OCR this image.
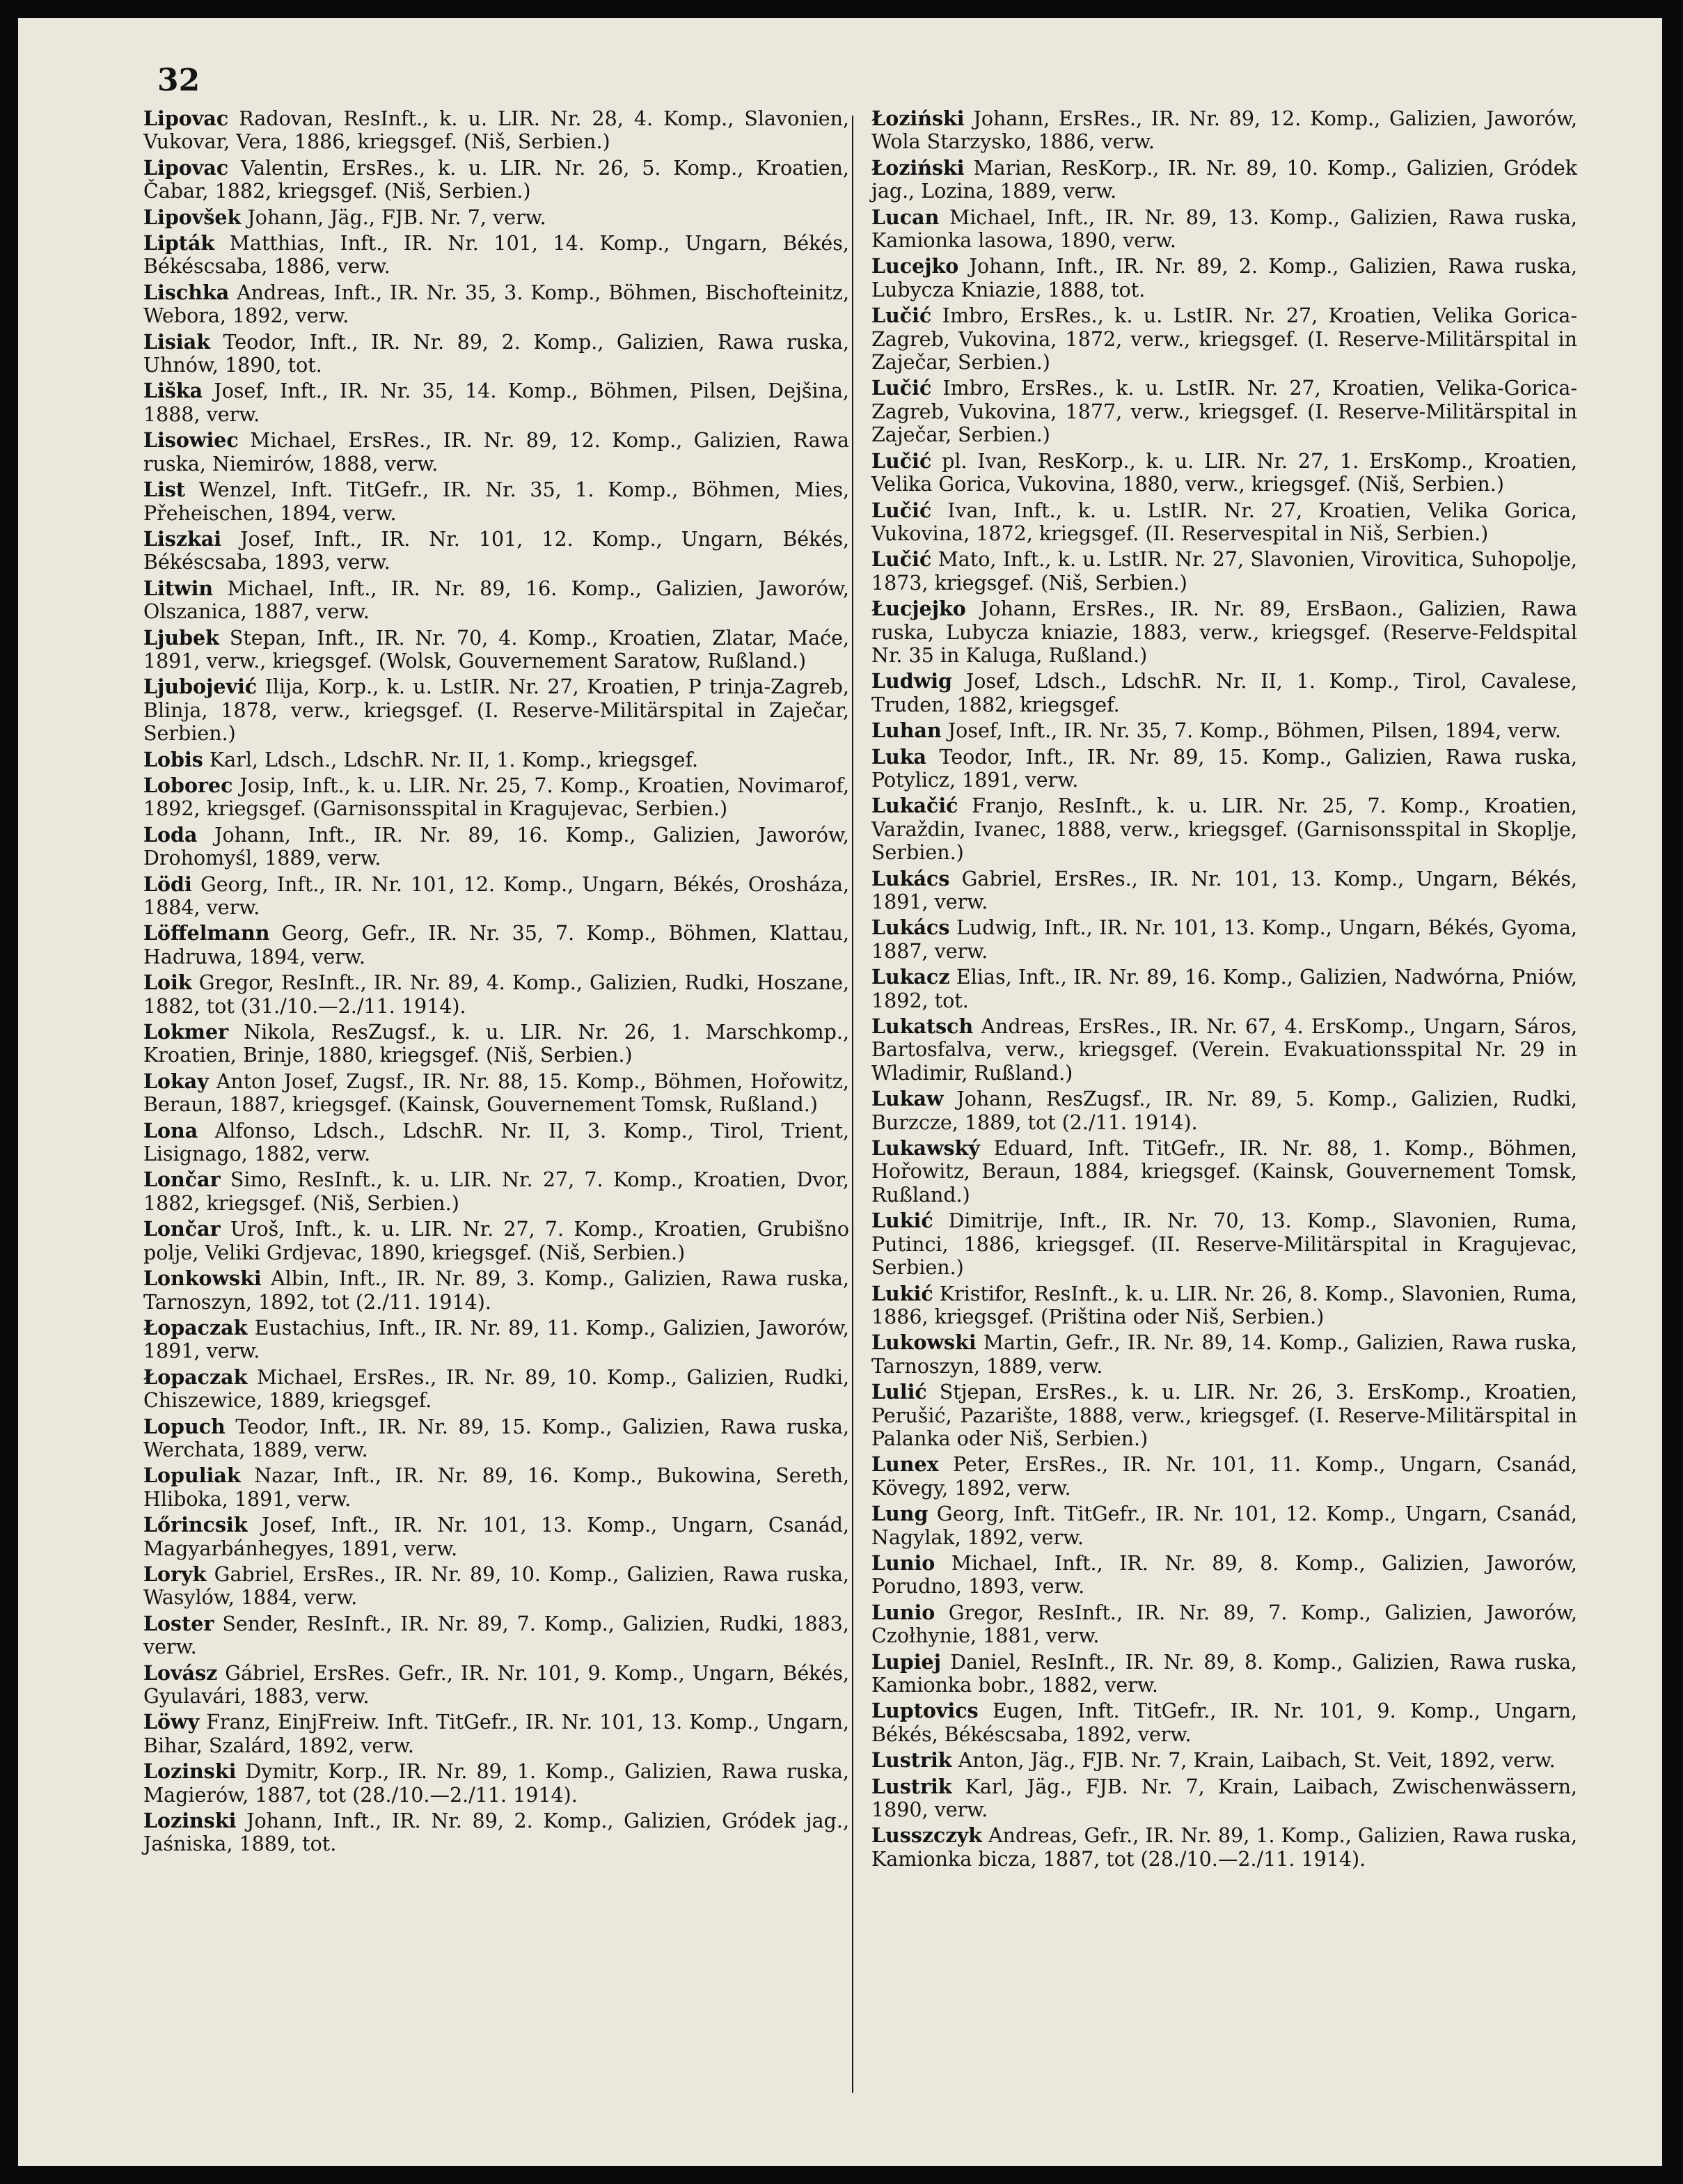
32

Lipovac Radovan, ResInft., k. u. LIR. Nr. 28, 4. Komp., Slavonien, Vukovar, Vera, 1886, kriegsgef. (Niš, Serbien.)

Lipovac Valentin, ErsRes., k. u. LIR. Nr. 26, 5. Komp., Kroatien, Čabar, 1882, kriegsgef. (Niš, Serbien.)

Lipovšek Johann, Jäg., FJB. Nr. 7, verw.

Lipták Matthias, Inft., IR. Nr. 101, 14. Komp., Ungarn, Békés, Békéscsaba, 1886, verw.

Lischka Andreas, Inft., IR. Nr. 35, 3. Komp., Böhmen, Bischofteinitz, Webora, 1892, verw.

Lisiak Teodor, Inft., IR. Nr. 89, 2. Komp., Galizien, Rawa ruska, Uhnów, 1890, tot.

Liška Josef, Inft., IR. Nr. 35, 14. Komp., Böhmen, Pilsen, Dejšina, 1888, verw.

Lisowiec Michael, ErsRes., IR. Nr. 89, 12. Komp., Galizien, Rawa ruska, Niemirów, 1888, verw.

List Wenzel, Inft. TitGefr., IR. Nr. 35, 1. Komp., Böhmen, Mies, Přeheischen, 1894, verw.

Liszkai Josef, Inft., IR. Nr. 101, 12. Komp., Ungarn, Békés, Békéscsaba, 1893, verw.

Litwin Michael, Inft., IR. Nr. 89, 16. Komp., Galizien, Jaworów, Olszanica, 1887, verw.

Ljubek Stepan, Inft., IR. Nr. 70, 4. Komp., Kroatien, Zlatar, Maće, 1891, verw., kriegsgef. (Wolsk, Gouvernement Saratow, Rußland.)

Ljubojević Ilija, Korp., k. u. LstIR. Nr. 27, Kroatien, P trinja-Zagreb, Blinja, 1878, verw., kriegsgef. (I. Reserve-Militärspital in Zaječar, Serbien.)

Lobis Karl, Ldsch., LdschR. Nr. II, 1. Komp., kriegsgef.

Loborec Josip, Inft., k. u. LIR. Nr. 25, 7. Komp., Kroatien, Novimarof, 1892, kriegsgef. (Garnisonsspital in Kragujevac, Serbien.)

Loda Johann, Inft., IR. Nr. 89, 16. Komp., Galizien, Jaworów, Drohomyśl, 1889, verw.

Lödi Georg, Inft., IR. Nr. 101, 12. Komp., Ungarn, Békés, Orosháza, 1884, verw.

Löffelmann Georg, Gefr., IR. Nr. 35, 7. Komp., Böhmen, Klattau, Hadruwa, 1894, verw.

Loik Gregor, ResInft., IR. Nr. 89, 4. Komp., Galizien, Rudki, Hoszane, 1882, tot (31./10.—2./11. 1914).

Lokmer Nikola, ResZugsf., k. u. LIR. Nr. 26, 1. Marschkomp., Kroatien, Brinje, 1880, kriegsgef. (Niš, Serbien.)

Lokay Anton Josef, Zugsf., IR. Nr. 88, 15. Komp., Böhmen, Hořowitz, Beraun, 1887, kriegsgef. (Kainsk, Gouvernement Tomsk, Rußland.)

Lona Alfonso, Ldsch., LdschR. Nr. II, 3. Komp., Tirol, Trient, Lisignago, 1882, verw.

Lončar Simo, ResInft., k. u. LIR. Nr. 27, 7. Komp., Kroatien, Dvor, 1882, kriegsgef. (Niš, Serbien.)

Lončar Uroš, Inft., k. u. LIR. Nr. 27, 7. Komp., Kroatien, Grubišno polje, Veliki Grdjevac, 1890, kriegsgef. (Niš, Serbien.)

Lonkowski Albin, Inft., IR. Nr. 89, 3. Komp., Galizien, Rawa ruska, Tarnoszyn, 1892, tot (2./11. 1914).

Łopaczak Eustachius, Inft., IR. Nr. 89, 11. Komp., Galizien, Jaworów, 1891, verw.

Łopaczak Michael, ErsRes., IR. Nr. 89, 10. Komp., Galizien, Rudki, Chiszewice, 1889, kriegsgef.

Lopuch Teodor, Inft., IR. Nr. 89, 15. Komp., Galizien, Rawa ruska, Werchata, 1889, verw.

Lopuliak Nazar, Inft., IR. Nr. 89, 16. Komp., Bukowina, Sereth, Hliboka, 1891, verw.

Lőrincsik Josef, Inft., IR. Nr. 101, 13. Komp., Ungarn, Csanád, Magyarbánhegyes, 1891, verw.

Loryk Gabriel, ErsRes., IR. Nr. 89, 10. Komp., Galizien, Rawa ruska, Wasylów, 1884, verw.

Loster Sender, ResInft., IR. Nr. 89, 7. Komp., Galizien, Rudki, 1883, verw.

Lovász Gábriel, ErsRes. Gefr., IR. Nr. 101, 9. Komp., Ungarn, Békés, Gyulavári, 1883, verw.

Löwy Franz, EinjFreiw. Inft. TitGefr., IR. Nr. 101, 13. Komp., Ungarn, Bihar, Szalárd, 1892, verw.

Lozinski Dymitr, Korp., IR. Nr. 89, 1. Komp., Galizien, Rawa ruska, Magierów, 1887, tot (28./10.—2./11. 1914).

Lozinski Johann, Inft., IR. Nr. 89, 2. Komp., Galizien, Gródek jag., Jaśniska, 1889, tot.

Łoziński Johann, ErsRes., IR. Nr. 89, 12. Komp., Galizien, Jaworów, Wola Starzysko, 1886, verw.

Łoziński Marian, ResKorp., IR. Nr. 89, 10. Komp., Galizien, Gródek jag., Lozina, 1889, verw.

Lucan Michael, Inft., IR. Nr. 89, 13. Komp., Galizien, Rawa ruska, Kamionka lasowa, 1890, verw.

Lucejko Johann, Inft., IR. Nr. 89, 2. Komp., Galizien, Rawa ruska, Lubycza Kniazie, 1888, tot.

Lučić Imbro, ErsRes., k. u. LstIR. Nr. 27, Kroatien, Velika Gorica-Zagreb, Vukovina, 1872, verw., kriegsgef. (I. Reserve-Militärspital in Zaječar, Serbien.)

Lučić Imbro, ErsRes., k. u. LstIR. Nr. 27, Kroatien, Velika-Gorica-Zagreb, Vukovina, 1877, verw., kriegsgef. (I. Reserve-Militärspital in Zaječar, Serbien.)

Lučić pl. Ivan, ResKorp., k. u. LIR. Nr. 27, 1. ErsKomp., Kroatien, Velika Gorica, Vukovina, 1880, verw., kriegsgef. (Niš, Serbien.)

Lučić Ivan, Inft., k. u. LstIR. Nr. 27, Kroatien, Velika Gorica, Vukovina, 1872, kriegsgef. (II. Reservespital in Niš, Serbien.)

Lučić Mato, Inft., k. u. LstIR. Nr. 27, Slavonien, Virovitica, Suhopolje, 1873, kriegsgef. (Niš, Serbien.)

Łucjejko Johann, ErsRes., IR. Nr. 89, ErsBaon., Galizien, Rawa ruska, Lubycza kniazie, 1883, verw., kriegsgef. (Reserve-Feldspital Nr. 35 in Kaluga, Rußland.)

Ludwig Josef, Ldsch., LdschR. Nr. II, 1. Komp., Tirol, Cavalese, Truden, 1882, kriegsgef.

Luhan Josef, Inft., IR. Nr. 35, 7. Komp., Böhmen, Pilsen, 1894, verw.

Luka Teodor, Inft., IR. Nr. 89, 15. Komp., Galizien, Rawa ruska, Potylicz, 1891, verw.

Lukačić Franjo, ResInft., k. u. LIR. Nr. 25, 7. Komp., Kroatien, Varaždin, Ivanec, 1888, verw., kriegsgef. (Garnisonsspital in Skoplje, Serbien.)

Lukács Gabriel, ErsRes., IR. Nr. 101, 13. Komp., Ungarn, Békés, 1891, verw.

Lukács Ludwig, Inft., IR. Nr. 101, 13. Komp., Ungarn, Békés, Gyoma, 1887, verw.

Lukacz Elias, Inft., IR. Nr. 89, 16. Komp., Galizien, Nadwórna, Pniów, 1892, tot.

Lukatsch Andreas, ErsRes., IR. Nr. 67, 4. ErsKomp., Ungarn, Sáros, Bartosfalva, verw., kriegsgef. (Verein. Evakuationsspital Nr. 29 in Wladimir, Rußland.)

Lukaw Johann, ResZugsf., IR. Nr. 89, 5. Komp., Galizien, Rudki, Burzcze, 1889, tot (2./11. 1914).

Lukawský Eduard, Inft. TitGefr., IR. Nr. 88, 1. Komp., Böhmen, Hořowitz, Beraun, 1884, kriegsgef. (Kainsk, Gouvernement Tomsk, Rußland.)

Lukić Dimitrije, Inft., IR. Nr. 70, 13. Komp., Slavonien, Ruma, Putinci, 1886, kriegsgef. (II. Reserve-Militärspital in Kragujevac, Serbien.)

Lukić Kristifor, ResInft., k. u. LIR. Nr. 26, 8. Komp., Slavonien, Ruma, 1886, kriegsgef. (Priština oder Niš, Serbien.)

Lukowski Martin, Gefr., IR. Nr. 89, 14. Komp., Galizien, Rawa ruska, Tarnoszyn, 1889, verw.

Lulić Stjepan, ErsRes., k. u. LIR. Nr. 26, 3. ErsKomp., Kroatien, Perušić, Pazarište, 1888, verw., kriegsgef. (I. Reserve-Militärspital in Palanka oder Niš, Serbien.)

Lunex Peter, ErsRes., IR. Nr. 101, 11. Komp., Ungarn, Csanád, Kövegy, 1892, verw.

Lung Georg, Inft. TitGefr., IR. Nr. 101, 12. Komp., Ungarn, Csanád, Nagylak, 1892, verw.

Lunio Michael, Inft., IR. Nr. 89, 8. Komp., Galizien, Jaworów, Porudno, 1893, verw.

Lunio Gregor, ResInft., IR. Nr. 89, 7. Komp., Galizien, Jaworów, Czołhynie, 1881, verw.

Lupiej Daniel, ResInft., IR. Nr. 89, 8. Komp., Galizien, Rawa ruska, Kamionka bobr., 1882, verw.

Luptovics Eugen, Inft. TitGefr., IR. Nr. 101, 9. Komp., Ungarn, Békés, Békéscsaba, 1892, verw.

Lustrik Anton, Jäg., FJB. Nr. 7, Krain, Laibach, St. Veit, 1892, verw.

Lustrik Karl, Jäg., FJB. Nr. 7, Krain, Laibach, Zwischenwässern, 1890, verw.

Lusszczyk Andreas, Gefr., IR. Nr. 89, 1. Komp., Galizien, Rawa ruska, Kamionka bicza, 1887, tot (28./10.—2./11. 1914).
